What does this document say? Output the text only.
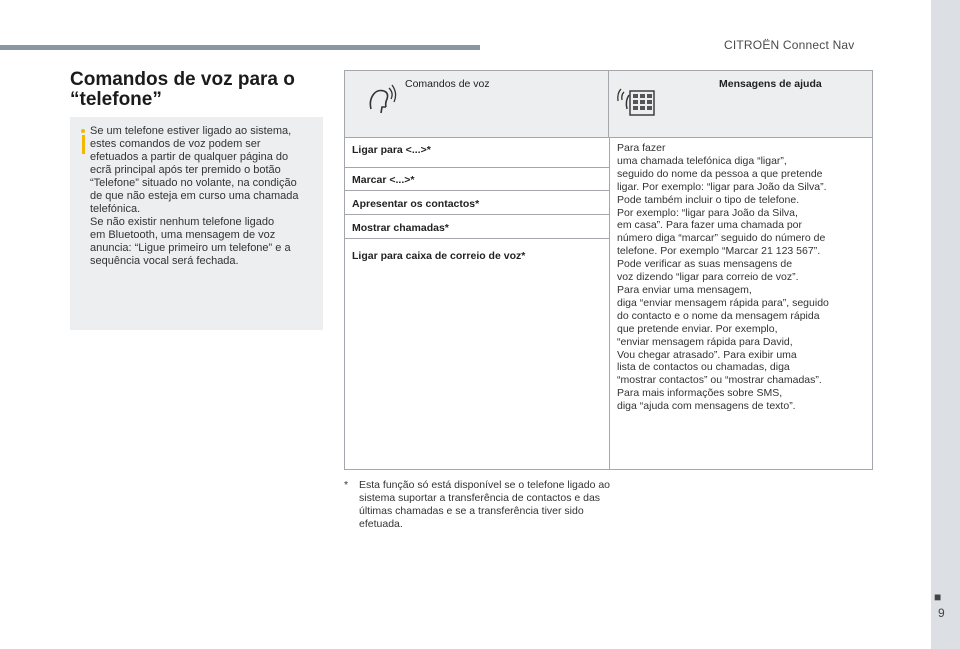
CITROËN Connect Nav
■
9
Comandos de voz para o “telefone”
Se um telefone estiver ligado ao sistema,
estes comandos de voz podem ser
efetuados a partir de qualquer página do
ecrã principal após ter premido o botão
“Telefone” situado no volante, na condição
de que não esteja em curso uma chamada
telefónica.
Se não existir nenhum telefone ligado
em Bluetooth, uma mensagem de voz
anuncia: “Ligue primeiro um telefone” e a
sequência vocal será fechada.
Comandos de voz	Mensagens de ajuda
Ligar para <...>*
Marcar <...>*
Apresentar os contactos*
Mostrar chamadas*
Ligar para caixa de correio de voz*
Para fazer
uma chamada telefónica diga “ligar”,
seguido do nome da pessoa a que pretende
ligar. Por exemplo: “ligar para João da Silva”.
Pode também incluir o tipo de telefone.
Por exemplo: “ligar para João da Silva,
em casa”. Para fazer uma chamada por
número diga “marcar” seguido do número de
telefone. Por exemplo “Marcar 21 123 567”.
Pode verificar as suas mensagens de
voz dizendo “ligar para correio de voz”.
Para enviar uma mensagem,
diga “enviar mensagem rápida para”, seguido
do contacto e o nome da mensagem rápida
que pretende enviar. Por exemplo,
“enviar mensagem rápida para David,
Vou chegar atrasado”. Para exibir uma
lista de contactos ou chamadas, diga
“mostrar contactos” ou “mostrar chamadas”.
Para mais informações sobre SMS,
diga “ajuda com mensagens de texto”.
* Esta função só está disponível se o telefone ligado ao sistema suportar a transferência de contactos e das últimas chamadas e se a transferência tiver sido efetuada.
